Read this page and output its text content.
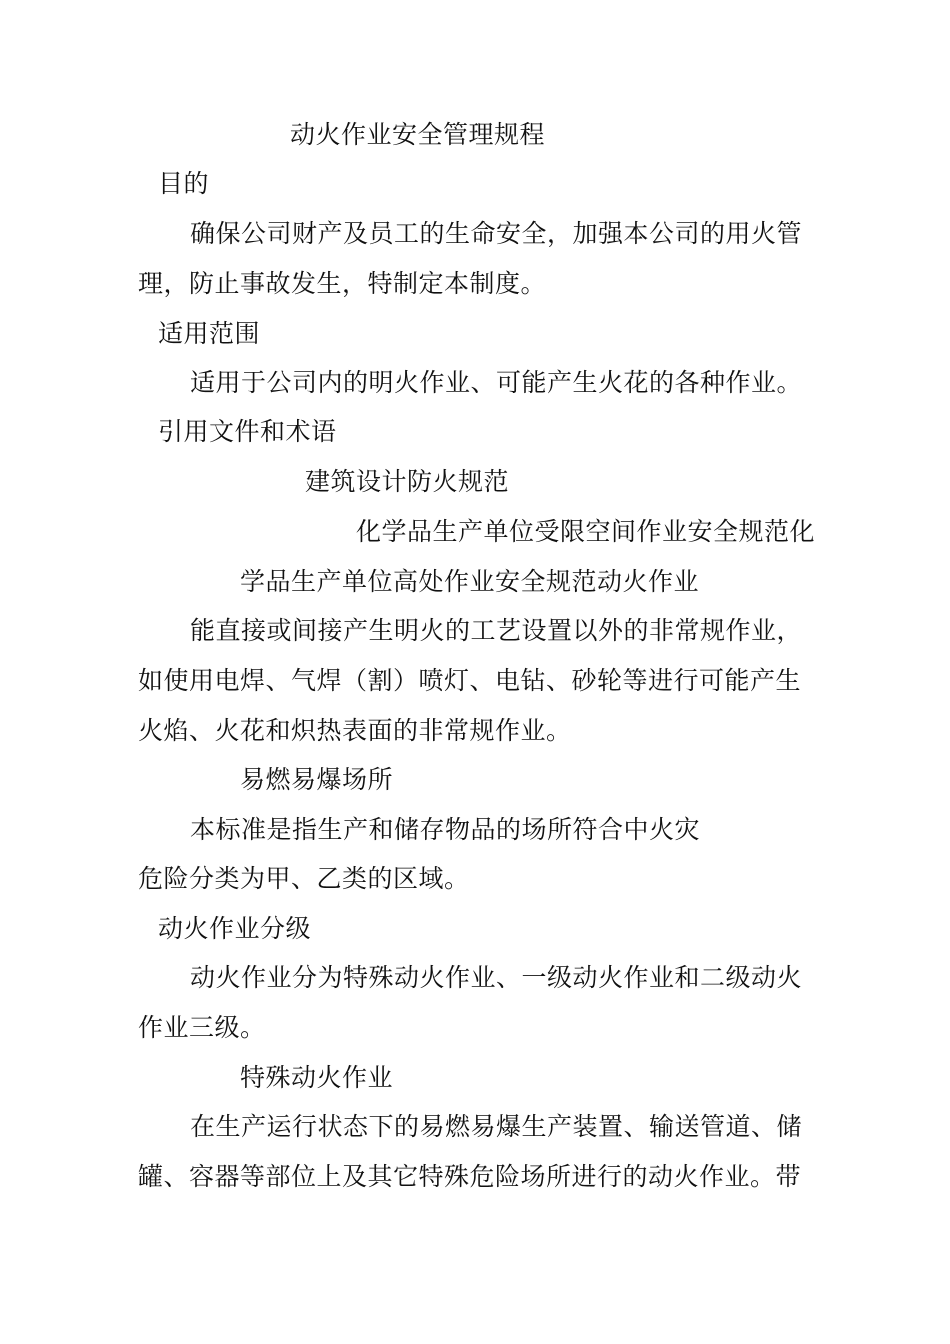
动火作业安全管理规程
目的
确保公司财产及员工的生命安全，加强本公司的用火管
理，防止事故发生，特制定本制度。
适用范围
适用于公司内的明火作业、可能产生火花的各种作业。
引用文件和术语
建筑设计防火规范
化学品生产单位受限空间作业安全规范化
学品生产单位高处作业安全规范动火作业
能直接或间接产生明火的工艺设置以外的非常规作业，
如使用电焊、气焊（割）喷灯、电钻、砂轮等进行可能产生
火焰、火花和炽热表面的非常规作业。
易燃易爆场所
本标准是指生产和储存物品的场所符合中火灾
危险分类为甲、乙类的区域。
动火作业分级
动火作业分为特殊动火作业、一级动火作业和二级动火
作业三级。
特殊动火作业
在生产运行状态下的易燃易爆生产装置、输送管道、储
罐、容器等部位上及其它特殊危险场所进行的动火作业。带
